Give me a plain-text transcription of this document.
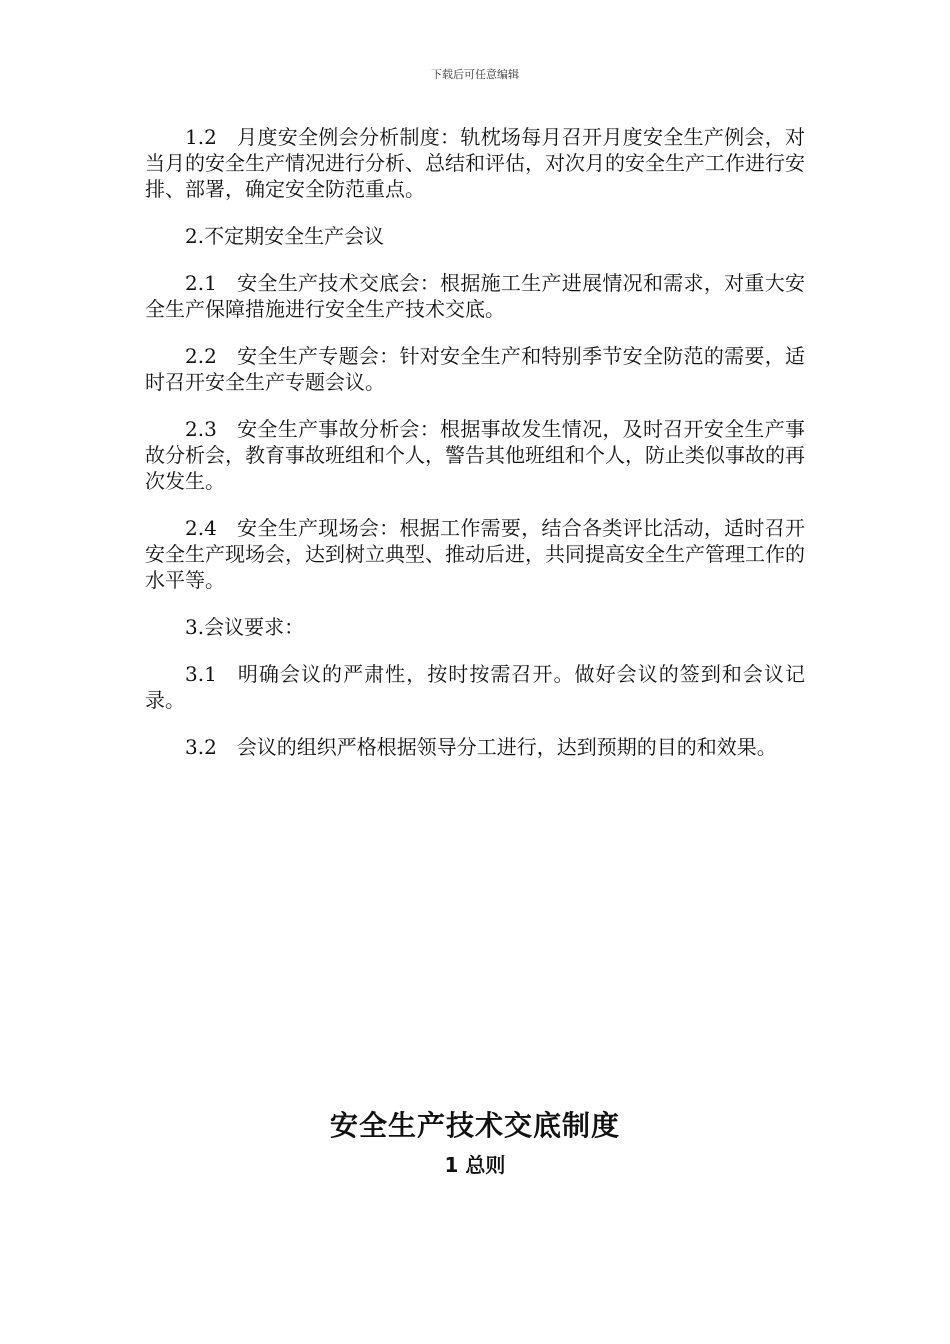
下载后可任意编辑

1.2 月度安全例会分析制度：轨枕场每月召开月度安全生产例会，对当月的安全生产情况进行分析、总结和评估，对次月的安全生产工作进行安排、部署，确定安全防范重点。

2.不定期安全生产会议

2.1 安全生产技术交底会：根据施工生产进展情况和需求，对重大安全生产保障措施进行安全生产技术交底。

2.2 安全生产专题会：针对安全生产和特别季节安全防范的需要，适时召开安全生产专题会议。

2.3 安全生产事故分析会：根据事故发生情况，及时召开安全生产事故分析会，教育事故班组和个人，警告其他班组和个人，防止类似事故的再次发生。

2.4 安全生产现场会：根据工作需要，结合各类评比活动，适时召开安全生产现场会，达到树立典型、推动后进，共同提高安全生产管理工作的水平等。

3.会议要求：

3.1 明确会议的严肃性，按时按需召开。做好会议的签到和会议记录。

3.2 会议的组织严格根据领导分工进行，达到预期的目的和效果。

安全生产技术交底制度
1 总则
